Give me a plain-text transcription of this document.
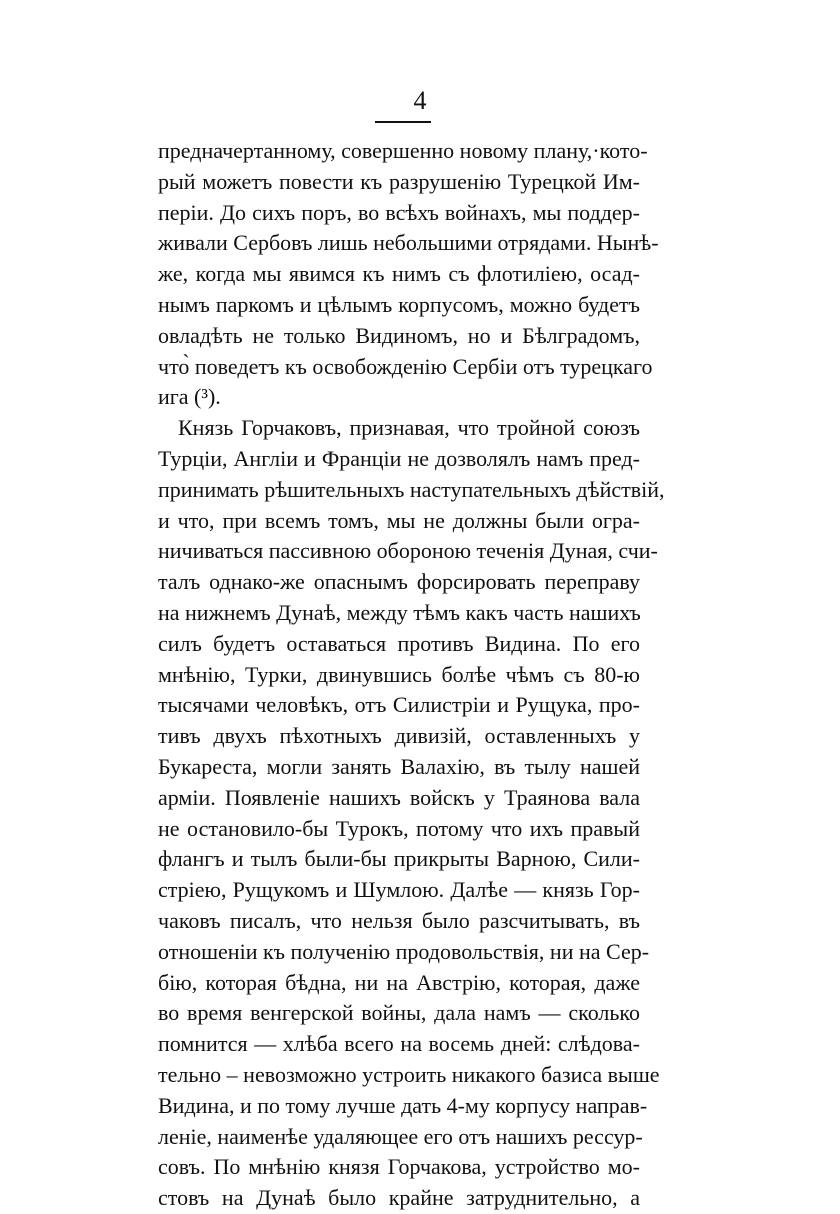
4
предначертанному, совершенно новому плану,·кото-
рый можетъ повести къ разрушенію Турецкой Им-
періи. До сихъ поръ, во всѣхъ войнахъ, мы поддер-
живали Сербовъ лишь небольшими отрядами. Нынѣ-
же, когда мы явимся къ нимъ съ флотиліею, осад-
нымъ паркомъ и цѣлымъ корпусомъ, можно будетъ
овладѣть не только Видиномъ, но и Бѣлградомъ,
что̀ поведетъ къ освобожденію Сербіи отъ турецкаго
ига (³).
Князь Горчаковъ, признавая, что тройной союзъ
Турціи, Англіи и Франціи не дозволялъ намъ пред-
принимать рѣшительныхъ наступательныхъ дѣйствій,
и что, при всемъ томъ, мы не должны были огра-
ничиваться пассивною обороною теченія Дуная, счи-
талъ однако-же опаснымъ форсировать переправу
на нижнемъ Дунаѣ, между тѣмъ какъ часть нашихъ
силъ будетъ оставаться противъ Видина. По его
мнѣнію, Турки, двинувшись болѣе чѣмъ съ 80-ю
тысячами человѣкъ, отъ Силистріи и Рущука, про-
тивъ двухъ пѣхотныхъ дивизій, оставленныхъ у
Букареста, могли занять Валахію, въ тылу нашей
арміи. Появленіе нашихъ войскъ у Траянова вала
не остановило-бы Турокъ, потому что ихъ правый
флангъ и тылъ были-бы прикрыты Варною, Сили-
стріею, Рущукомъ и Шумлою. Далѣе — князь Гор-
чаковъ писалъ, что нельзя было разсчитывать, въ
отношеніи къ полученію продовольствія, ни на Сер-
бію, которая бѣдна, ни на Австрію, которая, даже
во время венгерской войны, дала намъ — сколько
помнится — хлѣба всего на восемь дней: слѣдова-
тельно – невозможно устроить никакого базиса выше
Видина, и по тому лучше дать 4-му корпусу направ-
леніе, наименѣе удаляющее его отъ нашихъ рессур-
совъ. По мнѣнію князя Горчакова, устройство мо-
стовъ на Дунаѣ было крайне затруднительно, а
